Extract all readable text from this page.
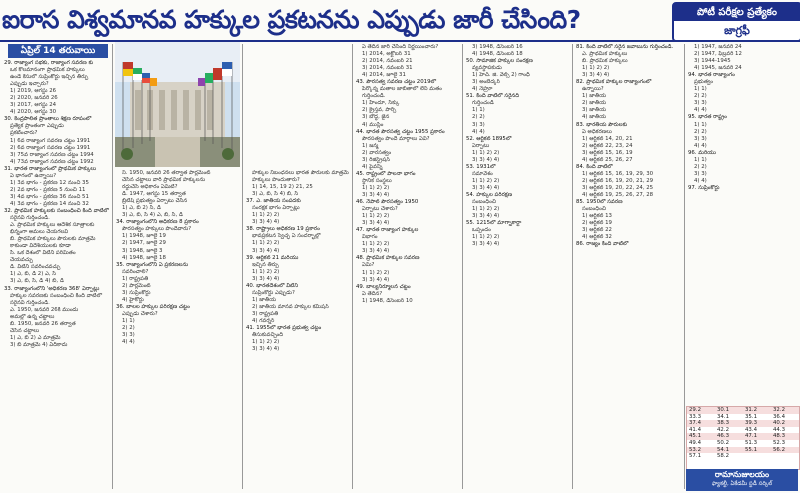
ఐరాస విశ్వమానవ హక్కుల ప్రకటనను ఎప్పుడు జారీ చేసింది?	పోటీ పరీక్షల ప్రత్యేకం
జాగ్రఫీ
ఏప్రిల్ 14 తరువాయి

29. రాజ్యాంగ సభకు, రాజ్యాంగ సవరణ కు

ఒక కొలమానంగా ప్రాథమిక హక్కులు

ఉండే కేసులో సుప్రీంకోర్టు ఇచ్చిన తీర్పు

ఎప్పుడు ఇచ్చారు?

1) 2019, ఆగస్టు 26

2) 2020, జనవరి 26

3) 2017, ఆగస్టు 24

4) 2020, ఆగస్టు 30

30. కేంద్రపాలిత ప్రాంతాలు శిక్షణ రూపంలో

ప్రత్యేక ప్రాంతంగా ఎప్పుడు

ప్రకటించారు?

1) 6వ రాజ్యాంగ సవరణ చట్టం 1991

2) 6వ రాజ్యాంగ సవరణ చట్టం 1991

3) 75వ రాజ్యాంగ సవరణ చట్టం 1994

4) 73వ రాజ్యాంగ సవరణ చట్టం 1992

31. భారత రాజ్యాంగంలో ప్రాథమిక హక్కులు

ఏ భాగంలో ఉన్నాయి?

1) 3వ భాగం - ప్రకరణ 12 నుంచి 35

2) 2వ భాగం - ప్రకరణ 5 నుంచి 11

3) 4వ భాగం - ప్రకరణ 36 నుంచి 51

4) 3వ భాగం - ప్రకరణ 14 నుంచి 32

32. ప్రాథమిక హక్కులకు సంబంధించి కింది వాటిలో

సరైనవి గుర్తించండి.

ఎ. ప్రాథమిక హక్కులు ఆదేశిక సూత్రాలకు

భిన్నంగా అమలు చేయగలవి

బి. ప్రాథమిక హక్కులు పౌరులకు మాత్రమే

కాకుండా విదేశీయులకు కూడా

సి. ఒక దేశంలో వీటిని పరిమితం

చేయవచ్చు

డి. వీటిని సవరించవచ్చు

1) ఎ, బి, డి 2) ఎ, సి

3) ఎ, బి, సి, డి 4) బి, డి

33. రాజ్యాంగంలోని 'అధికరణ 368' ఏర్పాట్లు

హక్కుల సవరణకు సంబంధించి కింది వాటిలో

సరైనవి గుర్తించండి.

ఎ. 1950, జనవరి 26కి ముందు

అమల్లో ఉన్న చట్టాలు

బి. 1950, జనవరి 26 తర్వాత

చేసిన చట్టాలు

1) ఎ, బి 2) ఎ మాత్రమే

3) బి మాత్రమే 4) ఏదీకాదు

ని. 1950, జనవరి 26 తర్వాత పార్లమెంట్

చేసిన చట్టాలు వారి ప్రాథమిక హక్కులను

రద్దుచేసే అధికారం ఏమిటి?

డి. 1947, ఆగస్టు 15 తర్వాత

బ్రిటిష్ ప్రభుత్వం ఏర్పాటు చేసిన

1) ఎ, బి 2) సి, డి

3) ఎ, బి, సి 4) ఎ, బి, సి, డి

34. రాజ్యాంగంలోని అధికరణ 8 ప్రకారం

పౌరసత్వం హక్కులు పొందేవారు?

1) 1948, జూలై 19

2) 1947, జూలై 29

3) 1948, జూలై 3

4) 1948, జూలై 18

35. రాజ్యాంగంలోని ఏ ప్రకరణలను

సవరించాలి?

1) రాష్ట్రపతి

2) పార్లమెంట్

3) సుప్రీంకోర్టు

4) హైకోర్టు

36. బాలల హక్కుల పరిరక్షణ చట్టం

ఎప్పుడు చేశారు?

1) 1)

2) 2)

3) 3)

4) 4)

హక్కుల నిబంధనలు భారత పౌరులకు మాత్రమే

హక్కులు పొందుతారు?

1) 14, 15, 19 2) 21, 25

3) ఎ, బి, సి 4) బి, సి

37. ఎ. జాతీయ సంపదకు

సంరక్షక భాగం ఏర్పాట్లు

1) 1) 2) 2)

3) 3) 4) 4)

38. రాష్ట్రాలు అధికరణ 19 ప్రకారం

భావప్రకటన స్వేచ్ఛ ఏ సందర్భాల్లో

1) 1) 2) 2)

3) 3) 4) 4)

39. ఆర్టికల్ 21 మరియు

ఇచ్చిన తీర్పు

1) 1) 2) 2)

3) 3) 4) 4)

40. భారతదేశంలో వీటిని

సుప్రీంకోర్టు ఎప్పుడు?

1) జాతీయ

2) జాతీయ మానవ హక్కుల కమిషన్

3) రాష్ట్రపతి

4) గవర్నర్

41. 1955లో భారత ప్రభుత్వ చట్టం

తీసుకువచ్చింది

1) 1) 2) 2)

3) 3) 4) 4)

ఏ తేదీన జారీ చేసింది నిర్ణయించారు?

1) 2014, అక్టోబర్ 31

2) 2014, నవంబర్ 21

3) 2014, నవంబర్ 31

4) 2014, జూలై 31

43. పౌరసత్వ సవరణ చట్టం 2019లో

పేర్కొన్న మతాల జాబితాలో లేని మతం

గుర్తించండి.

1) హిందూ, సిక్కు

2) క్రైస్తవ, పార్సీ

3) బౌద్ధ, జైన

4) ముస్లిం

44. భారత పౌరసత్వ చట్టం 1955 ప్రకారం

పౌరసత్వం పొందే మార్గాలు ఏవి?

1) జన్మ

2) వారసత్వం

3) రిజిస్ట్రేషన్

4) పైవన్నీ

45. రాష్ట్రంలో పాలనా భాగం

స్థానిక సంస్థలు

1) 1) 2) 2)

3) 3) 4) 4)

46. నేపాల్ పౌరసత్వం 1950

ఏర్పాటు చేశారు?

1) 1) 2) 2)

3) 3) 4) 4)

47. భారత రాజ్యాంగ హక్కుల

విభాగం

1) 1) 2) 2)

3) 3) 4) 4)

48. ప్రాథమిక హక్కుల సవరణ

ఏమి?

1) 1) 2) 2)

3) 3) 4) 4)

49. బాల్యనిర్మూలన చట్టం

ఏ తేదీన?

1) 1948, డిసెంబర్ 10

3) 1948, డిసెంబర్ 16

4) 1948, డిసెంబర్ 18

50. సామాజిక హక్కుల సంరక్షణ

వ్యవస్థాపకుడు

1) హెచ్. జి. వెల్స్ 2) గాంధీ

3) అంబేద్కర్

4) నెహ్రూ

51. కింది వాటిలో సరైనది

గుర్తించండి

1) 1)

2) 2)

3) 3)

4) 4)

52. ఆర్టికల్ 1895లో

ఏర్పాటు

1) 1) 2) 2)

3) 3) 4) 4)

53. 1931లో

సమావేశం

1) 1) 2) 2)

3) 3) 4) 4)

54. హక్కుల పరిరక్షణ

సంబంధించి

1) 1) 2) 2)

3) 3) 4) 4)

55. 1215లో మాగ్నాకార్టా

ఒప్పందం

1) 1) 2) 2)

3) 3) 4) 4)

81. కింది వాటిలో సరైన జవాబును గుర్తించండి.

ఎ. ప్రాథమిక హక్కులు

బి. ప్రాథమిక హక్కులు

1) 1) 2) 2)

3) 3) 4) 4)

82. ప్రాథమిక హక్కుల రాజ్యాంగంలో

ఉన్నాయి?

1) జాతీయ

2) జాతీయ

3) జాతీయ

4) జాతీయ

83. భారతీయ పౌరులకు

ఏ అధికరణలు

1) ఆర్టికల్ 14, 20, 21

2) ఆర్టికల్ 22, 23, 24

3) ఆర్టికల్ 15, 16, 19

4) ఆర్టికల్ 25, 26, 27

84. కింది వాటిలో

1) ఆర్టికల్ 15, 16, 19, 29, 30

2) ఆర్టికల్ 16, 19, 20, 21, 29

3) ఆర్టికల్ 19, 20, 22, 24, 25

4) ఆర్టికల్ 19, 25, 26, 27, 28

85. 1950లో సవరణ

సంబంధించి

1) ఆర్టికల్ 13

2) ఆర్టికల్ 19

3) ఆర్టికల్ 22

4) ఆర్టికల్ 32

86. రాజ్యం కింది వాటిలో

1) 1947, జనవరి 24

2) 1947, ఫిబ్రవరి 12

3) 1944-1945

4) 1945, జనవరి 24

94. భారత రాజ్యాంగం

ప్రభుత్వం

1) 1)

2) 2)

3) 3)

4) 4)

95. భారత రాష్ట్రం

1) 1)

2) 2)

3) 3)

4) 4)

96. మరియు

1) 1)

2) 2)

3) 3)

4) 4)

97. సుప్రీంకోర్టు

29.2	30.1	31.2	32.2
33.3	34.1	35.1	36.4
37.4	38.3	39.3	40.2
41.4	42.2	43.4	44.3
45.1	46.3	47.1	48.3
49.4	50.2	51.3	52.3
53.2	54.1	55.1	56.2
57.1	58.2		
రామానుజులయం
ఫ్యాకల్టీ, ఏకేడమీ స్టడీ సర్కిల్
